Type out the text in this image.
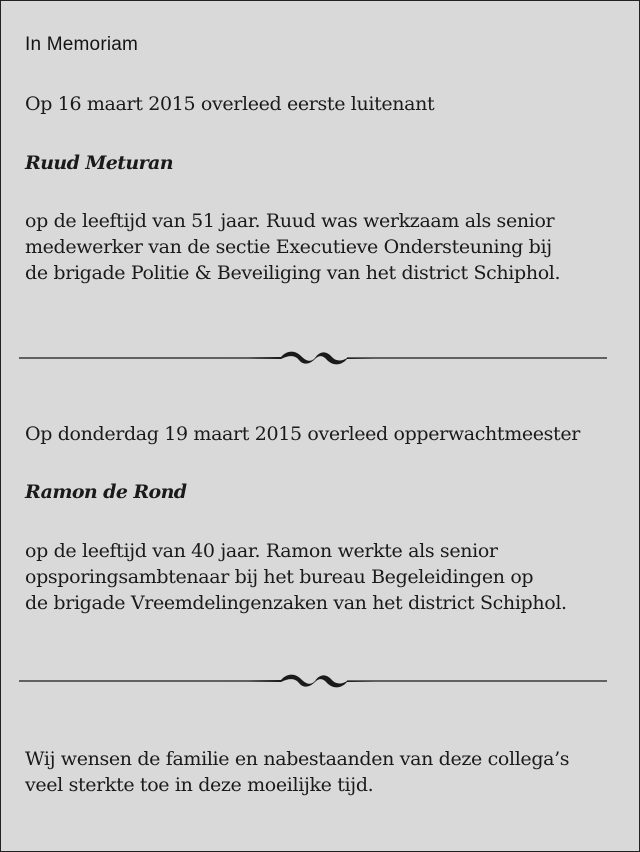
In Memoriam
Op 16 maart 2015 overleed eerste luitenant
Ruud Meturan
op de leeftijd van 51 jaar. Ruud was werkzaam als senior
medewerker van de sectie Executieve Ondersteuning bij
de brigade Politie & Beveiliging van het district Schiphol.
Op donderdag 19 maart 2015 overleed opperwachtmeester
Ramon de Rond
op de leeftijd van 40 jaar. Ramon werkte als senior
opsporingsambtenaar bij het bureau Begeleidingen op
de brigade Vreemdelingenzaken van het district Schiphol.
Wij wensen de familie en nabestaanden van deze collega’s
veel sterkte toe in deze moeilijke tijd.
